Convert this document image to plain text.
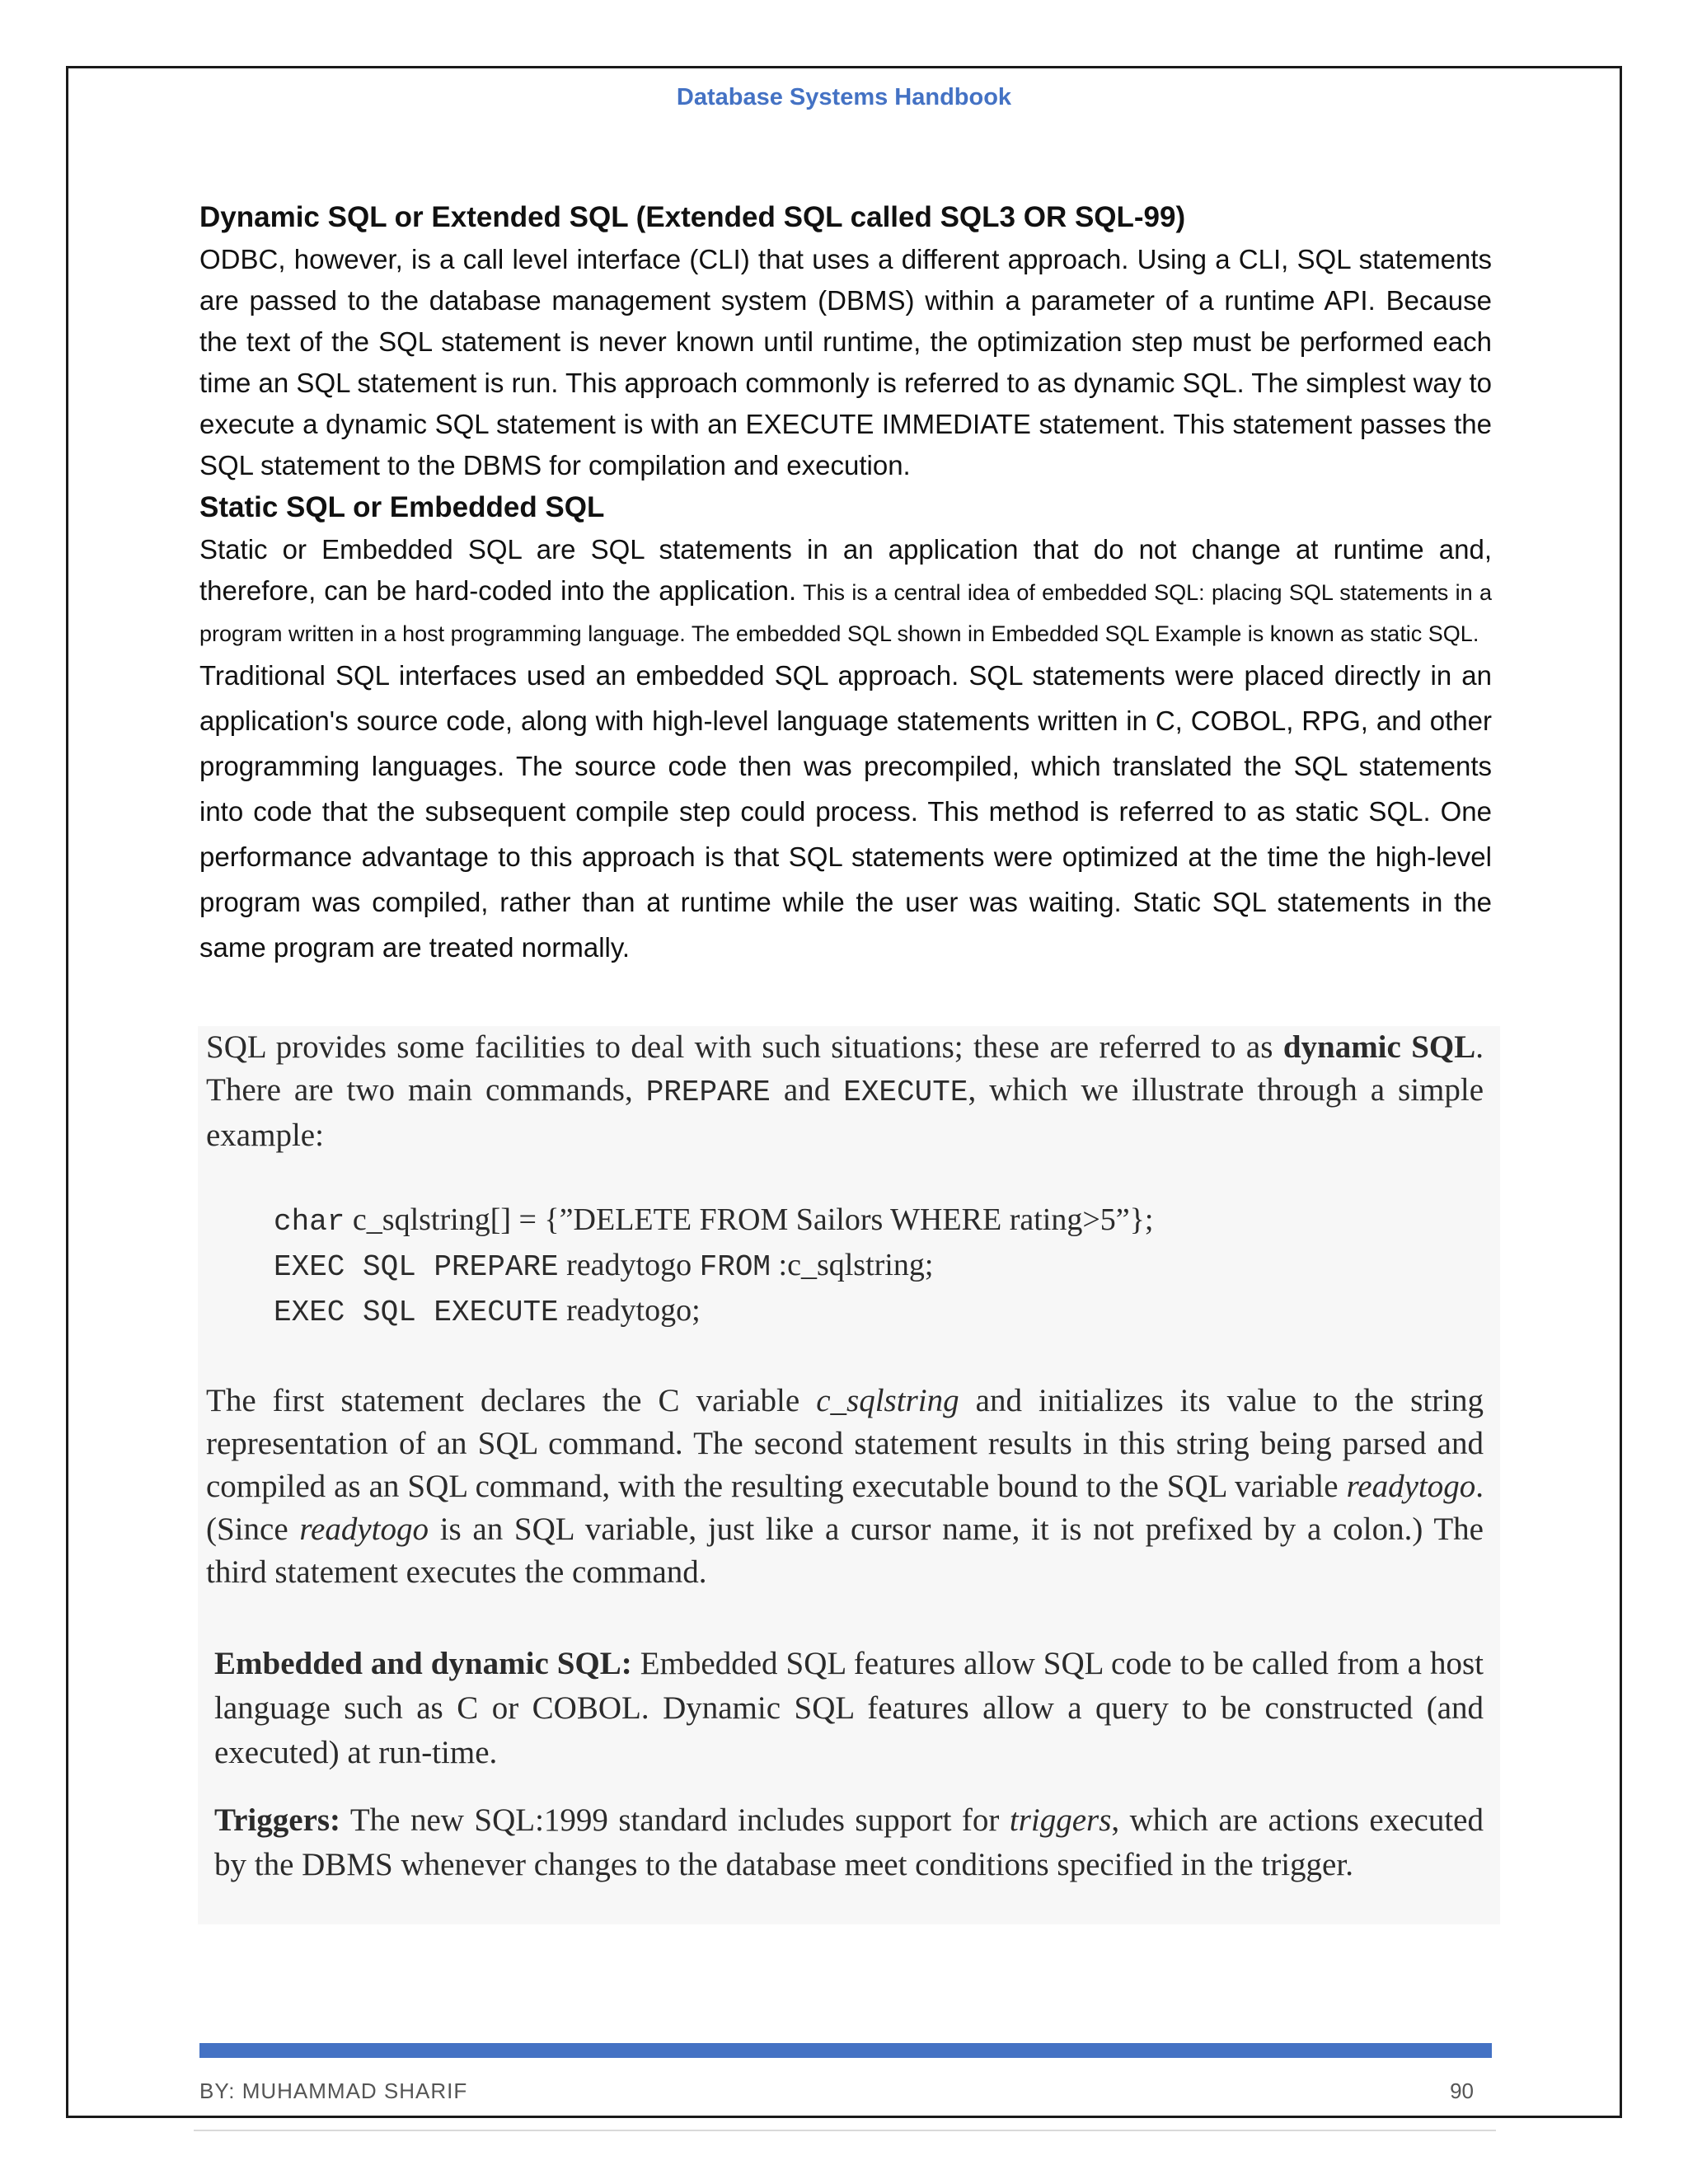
Database Systems Handbook

Dynamic SQL or Extended SQL (Extended SQL called SQL3 OR SQL-99)

ODBC, however, is a call level interface (CLI) that uses a different approach. Using a CLI, SQL statements are passed to the database management system (DBMS) within a parameter of a runtime API. Because the text of the SQL statement is never known until runtime, the optimization step must be performed each time an SQL statement is run. This approach commonly is referred to as dynamic SQL. The simplest way to execute a dynamic SQL statement is with an EXECUTE IMMEDIATE statement. This statement passes the SQL statement to the DBMS for compilation and execution.

Static SQL or Embedded SQL

Static or Embedded SQL are SQL statements in an application that do not change at runtime and, therefore, can be hard-coded into the application. This is a central idea of embedded SQL: placing SQL statements in a program written in a host programming language. The embedded SQL shown in Embedded SQL Example is known as static SQL.

Traditional SQL interfaces used an embedded SQL approach. SQL statements were placed directly in an application's source code, along with high-level language statements written in C, COBOL, RPG, and other programming languages. The source code then was precompiled, which translated the SQL statements into code that the subsequent compile step could process. This method is referred to as static SQL. One performance advantage to this approach is that SQL statements were optimized at the time the high-level program was compiled, rather than at runtime while the user was waiting. Static SQL statements in the same program are treated normally.

SQL provides some facilities to deal with such situations; these are referred to as dynamic SQL. There are two main commands, PREPARE and EXECUTE, which we illustrate through a simple example:

char c_sqlstring[] = {”DELETE FROM Sailors WHERE rating>5”};
EXEC SQL PREPARE readytogo FROM :c_sqlstring;
EXEC SQL EXECUTE readytogo;

The first statement declares the C variable c_sqlstring and initializes its value to the string representation of an SQL command. The second statement results in this string being parsed and compiled as an SQL command, with the resulting executable bound to the SQL variable readytogo. (Since readytogo is an SQL variable, just like a cursor name, it is not prefixed by a colon.) The third statement executes the command.

Embedded and dynamic SQL: Embedded SQL features allow SQL code to be called from a host language such as C or COBOL. Dynamic SQL features allow a query to be constructed (and executed) at run-time.

Triggers: The new SQL:1999 standard includes support for triggers, which are actions executed by the DBMS whenever changes to the database meet conditions specified in the trigger.

BY: MUHAMMAD SHARIF	90
